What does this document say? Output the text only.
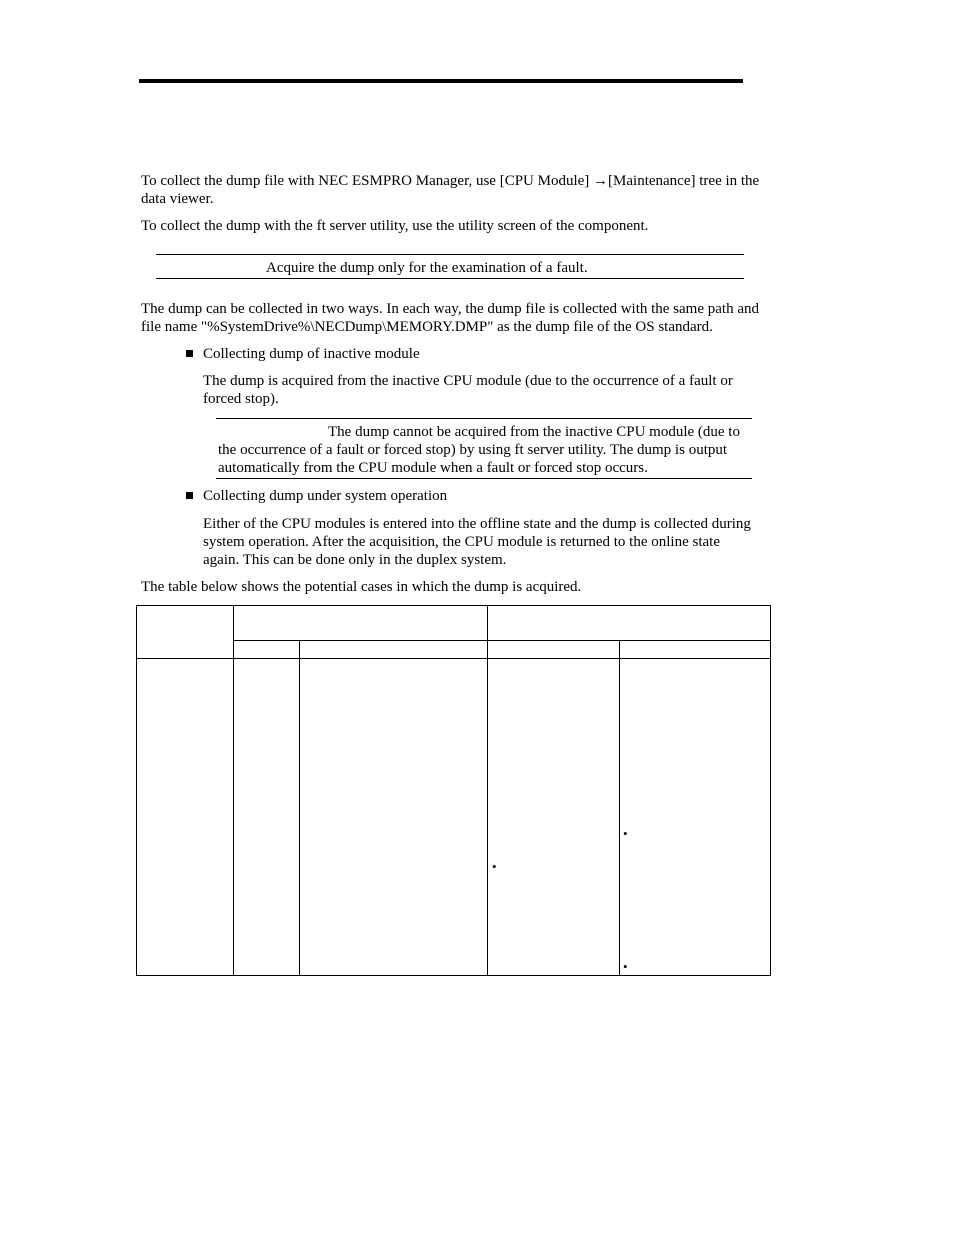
To collect the dump file with NEC ESMPRO Manager, use [CPU Module] →[Maintenance] tree in the data viewer.
To collect the dump with the ft server utility, use the utility screen of the component.
Acquire the dump only for the examination of a fault.
The dump can be collected in two ways. In each way, the dump file is collected with the same path and file name "%SystemDrive%\NECDump\MEMORY.DMP" as the dump file of the OS standard.
Collecting dump of inactive module
The dump is acquired from the inactive CPU module (due to the occurrence of a fault or forced stop).
The dump cannot be acquired from the inactive CPU module (due to the occurrence of a fault or forced stop) by using ft server utility. The dump is output automatically from the CPU module when a fault or forced stop occurs.
Collecting dump under system operation
Either of the CPU modules is entered into the offline state and the dump is collected during system operation. After the acquisition, the CPU module is returned to the online state again. This can be done only in the duplex system.
The table below shows the potential cases in which the dump is acquired.
•
•
•
